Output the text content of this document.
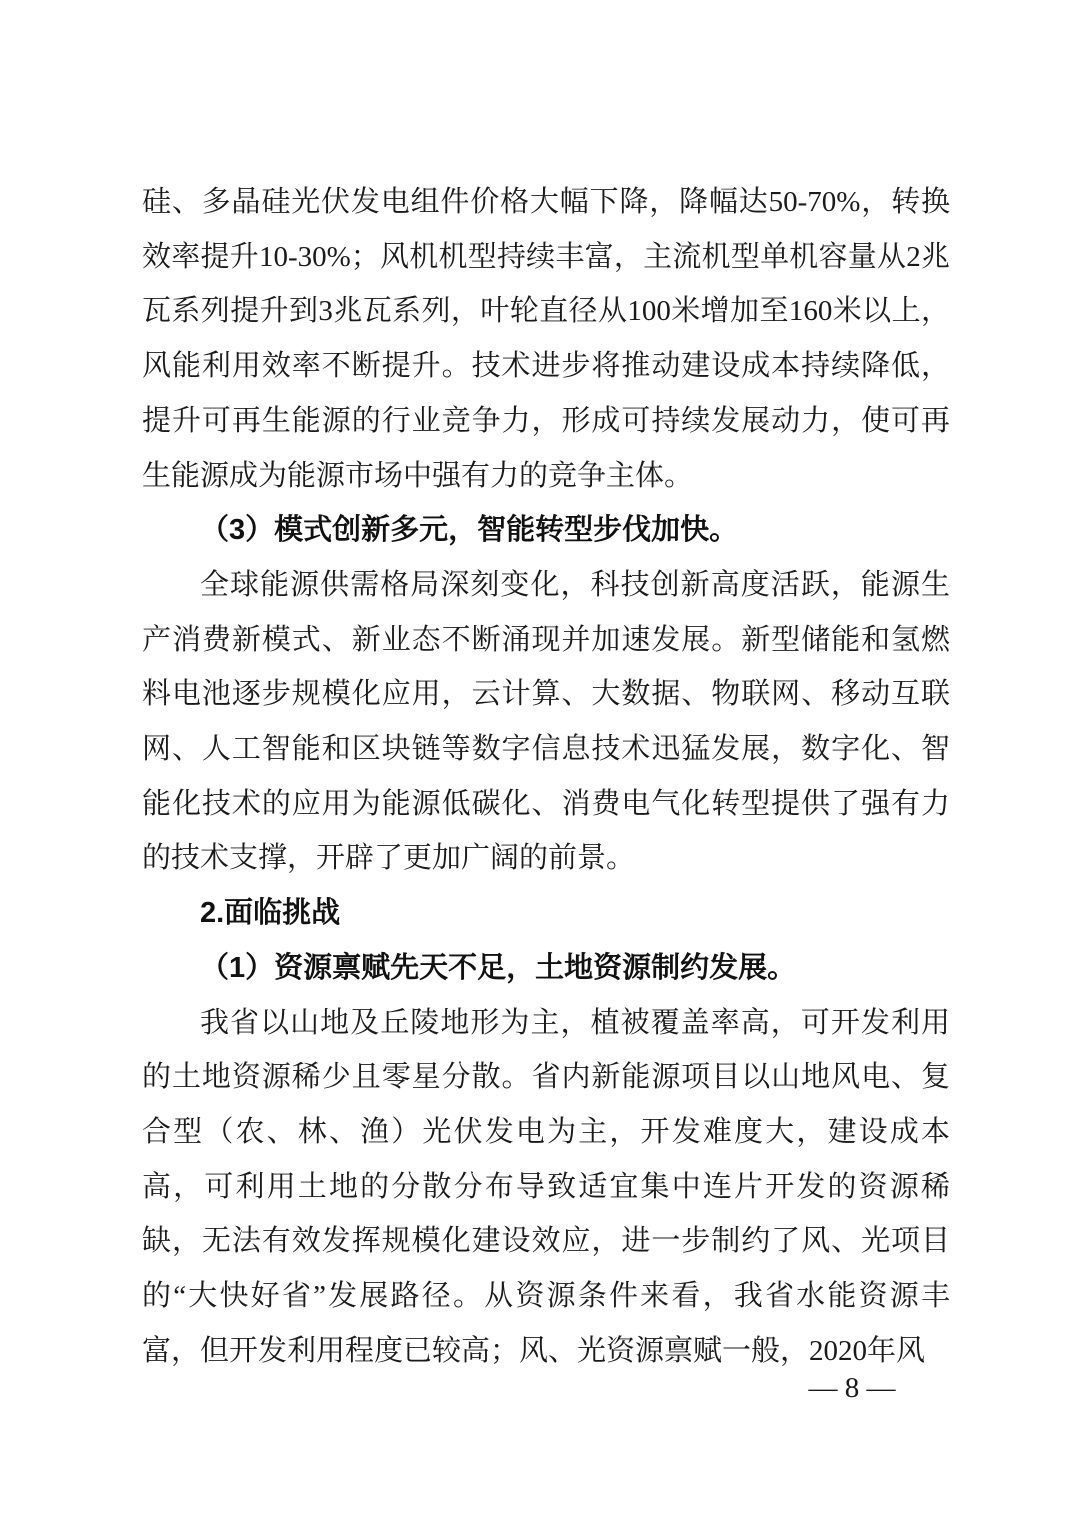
硅、多晶硅光伏发电组件价格大幅下降，降幅达50-70%，转换效率提升10-30%；风机机型持续丰富，主流机型单机容量从2兆瓦系列提升到3兆瓦系列，叶轮直径从100米增加至160米以上，风能利用效率不断提升。技术进步将推动建设成本持续降低，提升可再生能源的行业竞争力，形成可持续发展动力，使可再生能源成为能源市场中强有力的竞争主体。

（3）模式创新多元，智能转型步伐加快。

全球能源供需格局深刻变化，科技创新高度活跃，能源生产消费新模式、新业态不断涌现并加速发展。新型储能和氢燃料电池逐步规模化应用，云计算、大数据、物联网、移动互联网、人工智能和区块链等数字信息技术迅猛发展，数字化、智能化技术的应用为能源低碳化、消费电气化转型提供了强有力的技术支撑，开辟了更加广阔的前景。

2.面临挑战

（1）资源禀赋先天不足，土地资源制约发展。

我省以山地及丘陵地形为主，植被覆盖率高，可开发利用的土地资源稀少且零星分散。省内新能源项目以山地风电、复合型（农、林、渔）光伏发电为主，开发难度大，建设成本高，可利用土地的分散分布导致适宜集中连片开发的资源稀缺，无法有效发挥规模化建设效应，进一步制约了风、光项目的“大快好省”发展路径。从资源条件来看，我省水能资源丰富，但开发利用程度已较高；风、光资源禀赋一般，2020年风

— 8 —
